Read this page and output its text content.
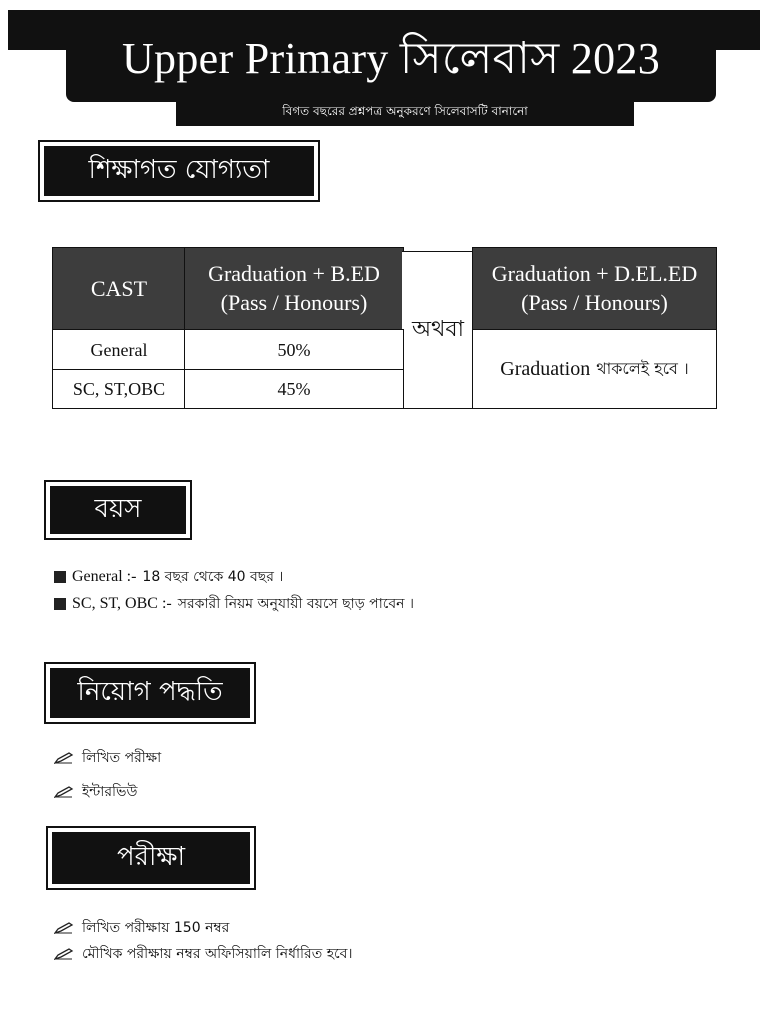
Upper Primary সিলেবাস 2023
বিগত বছরের প্রশ্নপত্র অনুকরণে সিলেবাসটি বানানো
শিক্ষাগত যোগ্যতা
CAST
Graduation + B.ED
(Pass / Honours)
অথবা
Graduation + D.EL.ED
(Pass / Honours)
General	50%
SC, ST,OBC	45%
Graduation থাকলেই হবে ।
বয়স
General :- 18 বছর থেকে 40 বছর ।
SC, ST, OBC :- সরকারী নিয়ম অনুযায়ী বয়সে ছাড় পাবেন ।
নিয়োগ পদ্ধতি
লিখিত পরীক্ষা
ইন্টারভিউ
পরীক্ষা
লিখিত পরীক্ষায় 150 নম্বর
মৌখিক পরীক্ষায় নম্বর অফিসিয়ালি নির্ধারিত হবে।
